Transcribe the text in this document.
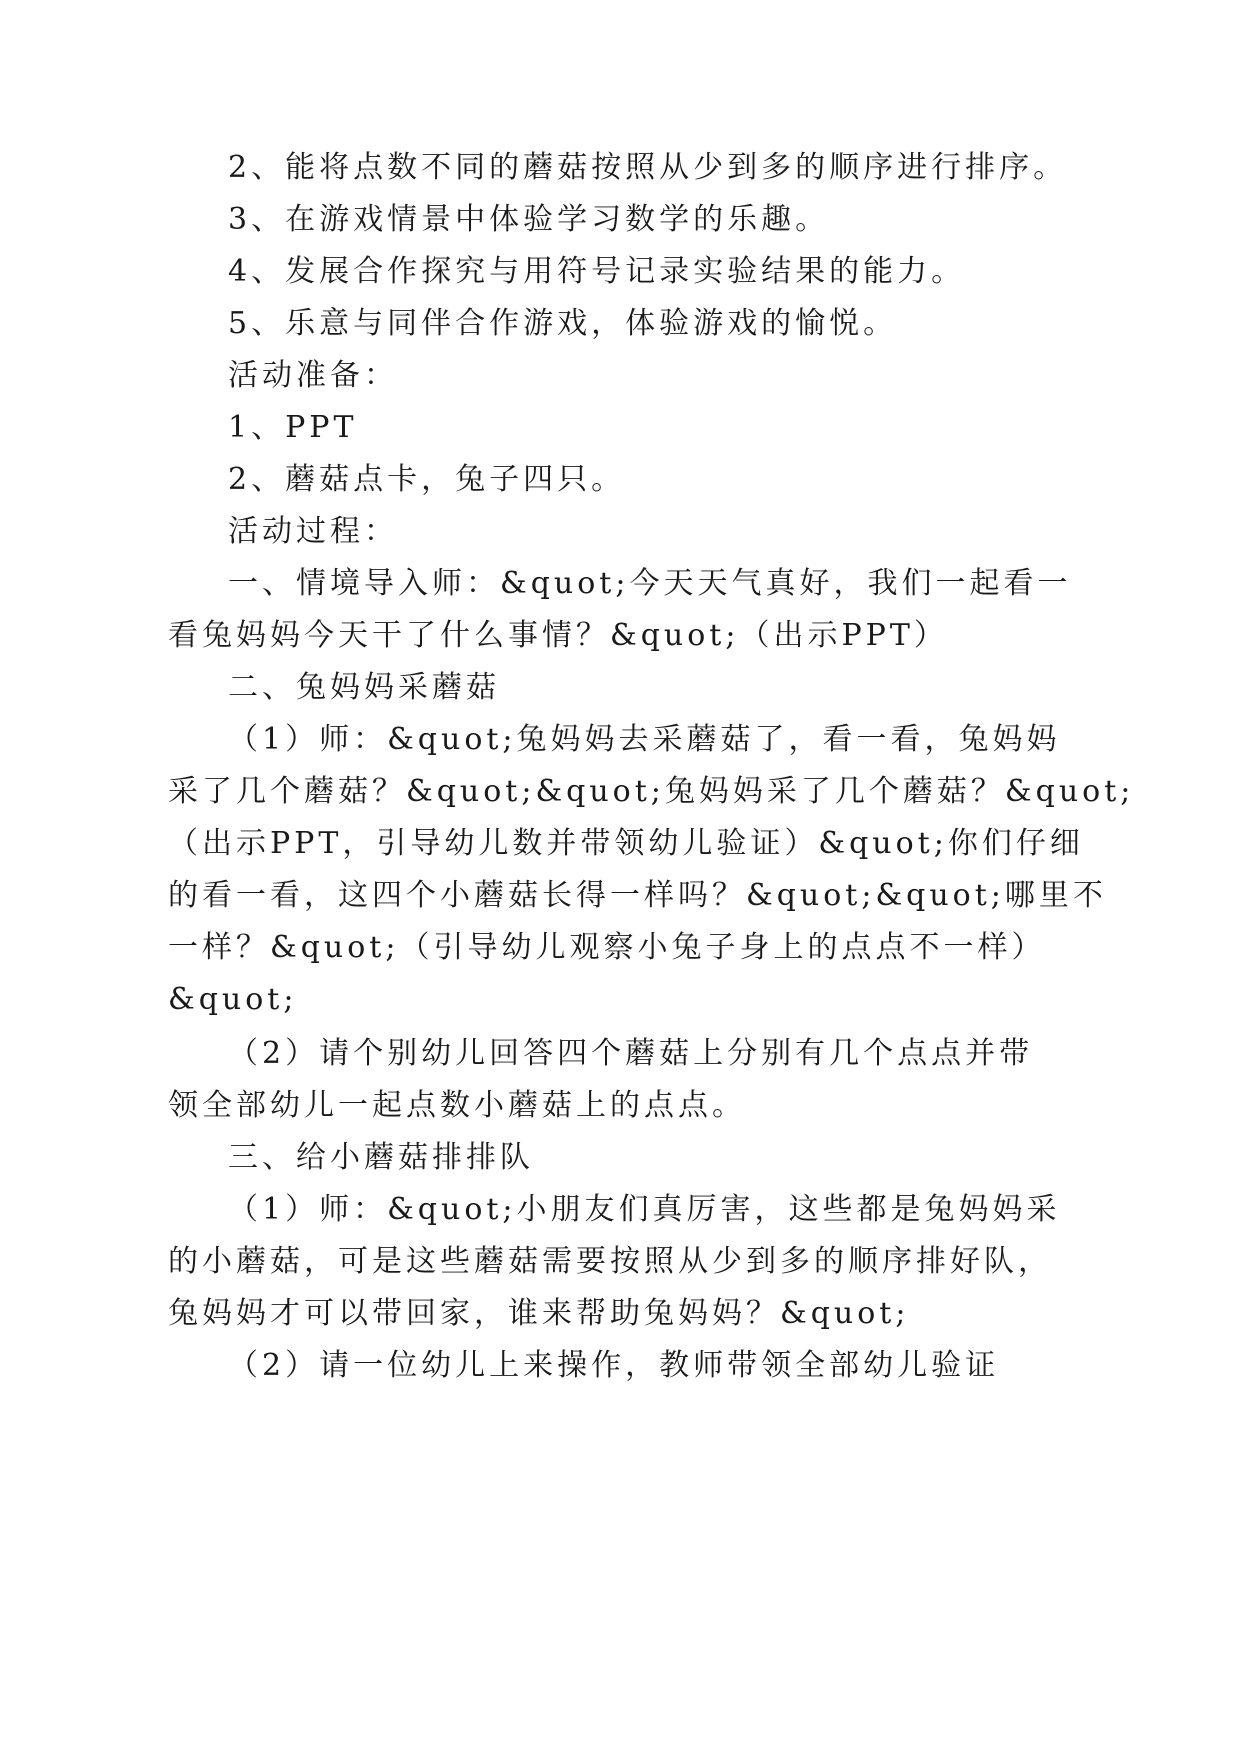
2、能将点数不同的蘑菇按照从少到多的顺序进行排序。
3、在游戏情景中体验学习数学的乐趣。
4、发展合作探究与用符号记录实验结果的能力。
5、乐意与同伴合作游戏，体验游戏的愉悦。
活动准备：
1、PPT
2、蘑菇点卡，兔子四只。
活动过程：
一、情境导入师：&quot;今天天气真好，我们一起看一
看兔妈妈今天干了什么事情？&quot;（出示PPT）
二、兔妈妈采蘑菇
（1）师：&quot;兔妈妈去采蘑菇了，看一看，兔妈妈
采了几个蘑菇？&quot;&quot;兔妈妈采了几个蘑菇？&quot;
（出示PPT，引导幼儿数并带领幼儿验证）&quot;你们仔细
的看一看，这四个小蘑菇长得一样吗？&quot;&quot;哪里不
一样？&quot;（引导幼儿观察小兔子身上的点点不一样）
&quot;
（2）请个别幼儿回答四个蘑菇上分别有几个点点并带
领全部幼儿一起点数小蘑菇上的点点。
三、给小蘑菇排排队
（1）师：&quot;小朋友们真厉害，这些都是兔妈妈采
的小蘑菇，可是这些蘑菇需要按照从少到多的顺序排好队，
兔妈妈才可以带回家，谁来帮助兔妈妈？&quot;
（2）请一位幼儿上来操作，教师带领全部幼儿验证
